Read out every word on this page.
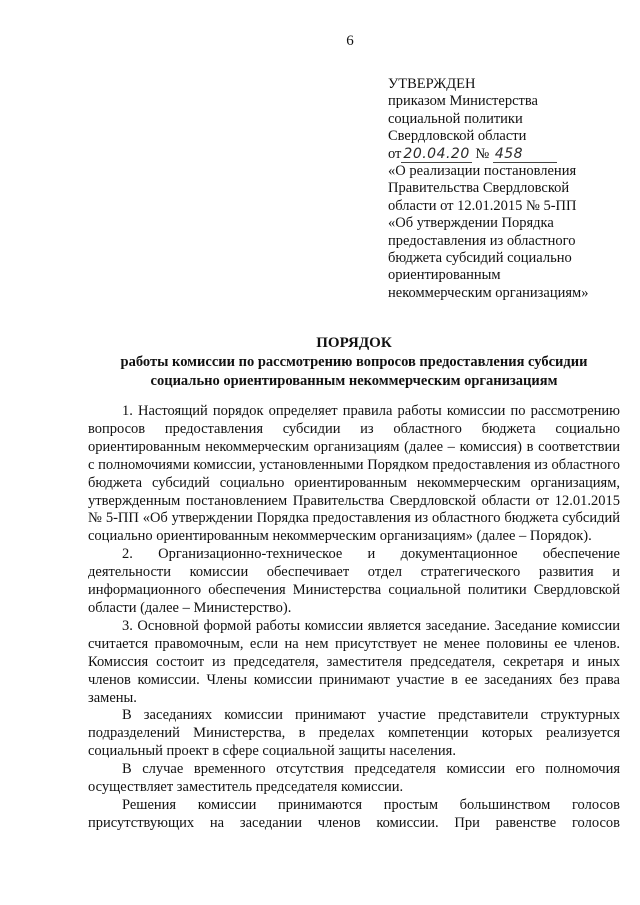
6
УТВЕРЖДЕН
приказом Министерства
социальной политики
Свердловской области
от 20.04.20 № 458
«О реализации постановления
Правительства Свердловской
области от 12.01.2015 № 5-ПП
«Об утверждении Порядка
предоставления из областного
бюджета субсидий социально
ориентированным
некоммерческим организациям»
ПОРЯДОК
работы комиссии по рассмотрению вопросов предоставления субсидии
социально ориентированным некоммерческим организациям

1. Настоящий порядок определяет правила работы комиссии по рассмотрению вопросов предоставления субсидии из областного бюджета социально ориентированным некоммерческим организациям (далее – комиссия) в соответствии с полномочиями комиссии, установленными Порядком предоставления из областного бюджета субсидий социально ориентированным некоммерческим организациям, утвержденным постановлением Правительства Свердловской области от 12.01.2015 № 5-ПП «Об утверждении Порядка предоставления из областного бюджета субсидий социально ориентированным некоммерческим организациям» (далее – Порядок).

2. Организационно-техническое и документационное обеспечение деятельности комиссии обеспечивает отдел стратегического развития и информационного обеспечения Министерства социальной политики Свердловской области (далее – Министерство).

3. Основной формой работы комиссии является заседание. Заседание комиссии считается правомочным, если на нем присутствует не менее половины ее членов. Комиссия состоит из председателя, заместителя председателя, секретаря и иных членов комиссии. Члены комиссии принимают участие в ее заседаниях без права замены.

В заседаниях комиссии принимают участие представители структурных подразделений Министерства, в пределах компетенции которых реализуется социальный проект в сфере социальной защиты населения.

В случае временного отсутствия председателя комиссии его полномочия осуществляет заместитель председателя комиссии.

Решения комиссии принимаются простым большинством голосов присутствующих на заседании членов комиссии. При равенстве голосов
